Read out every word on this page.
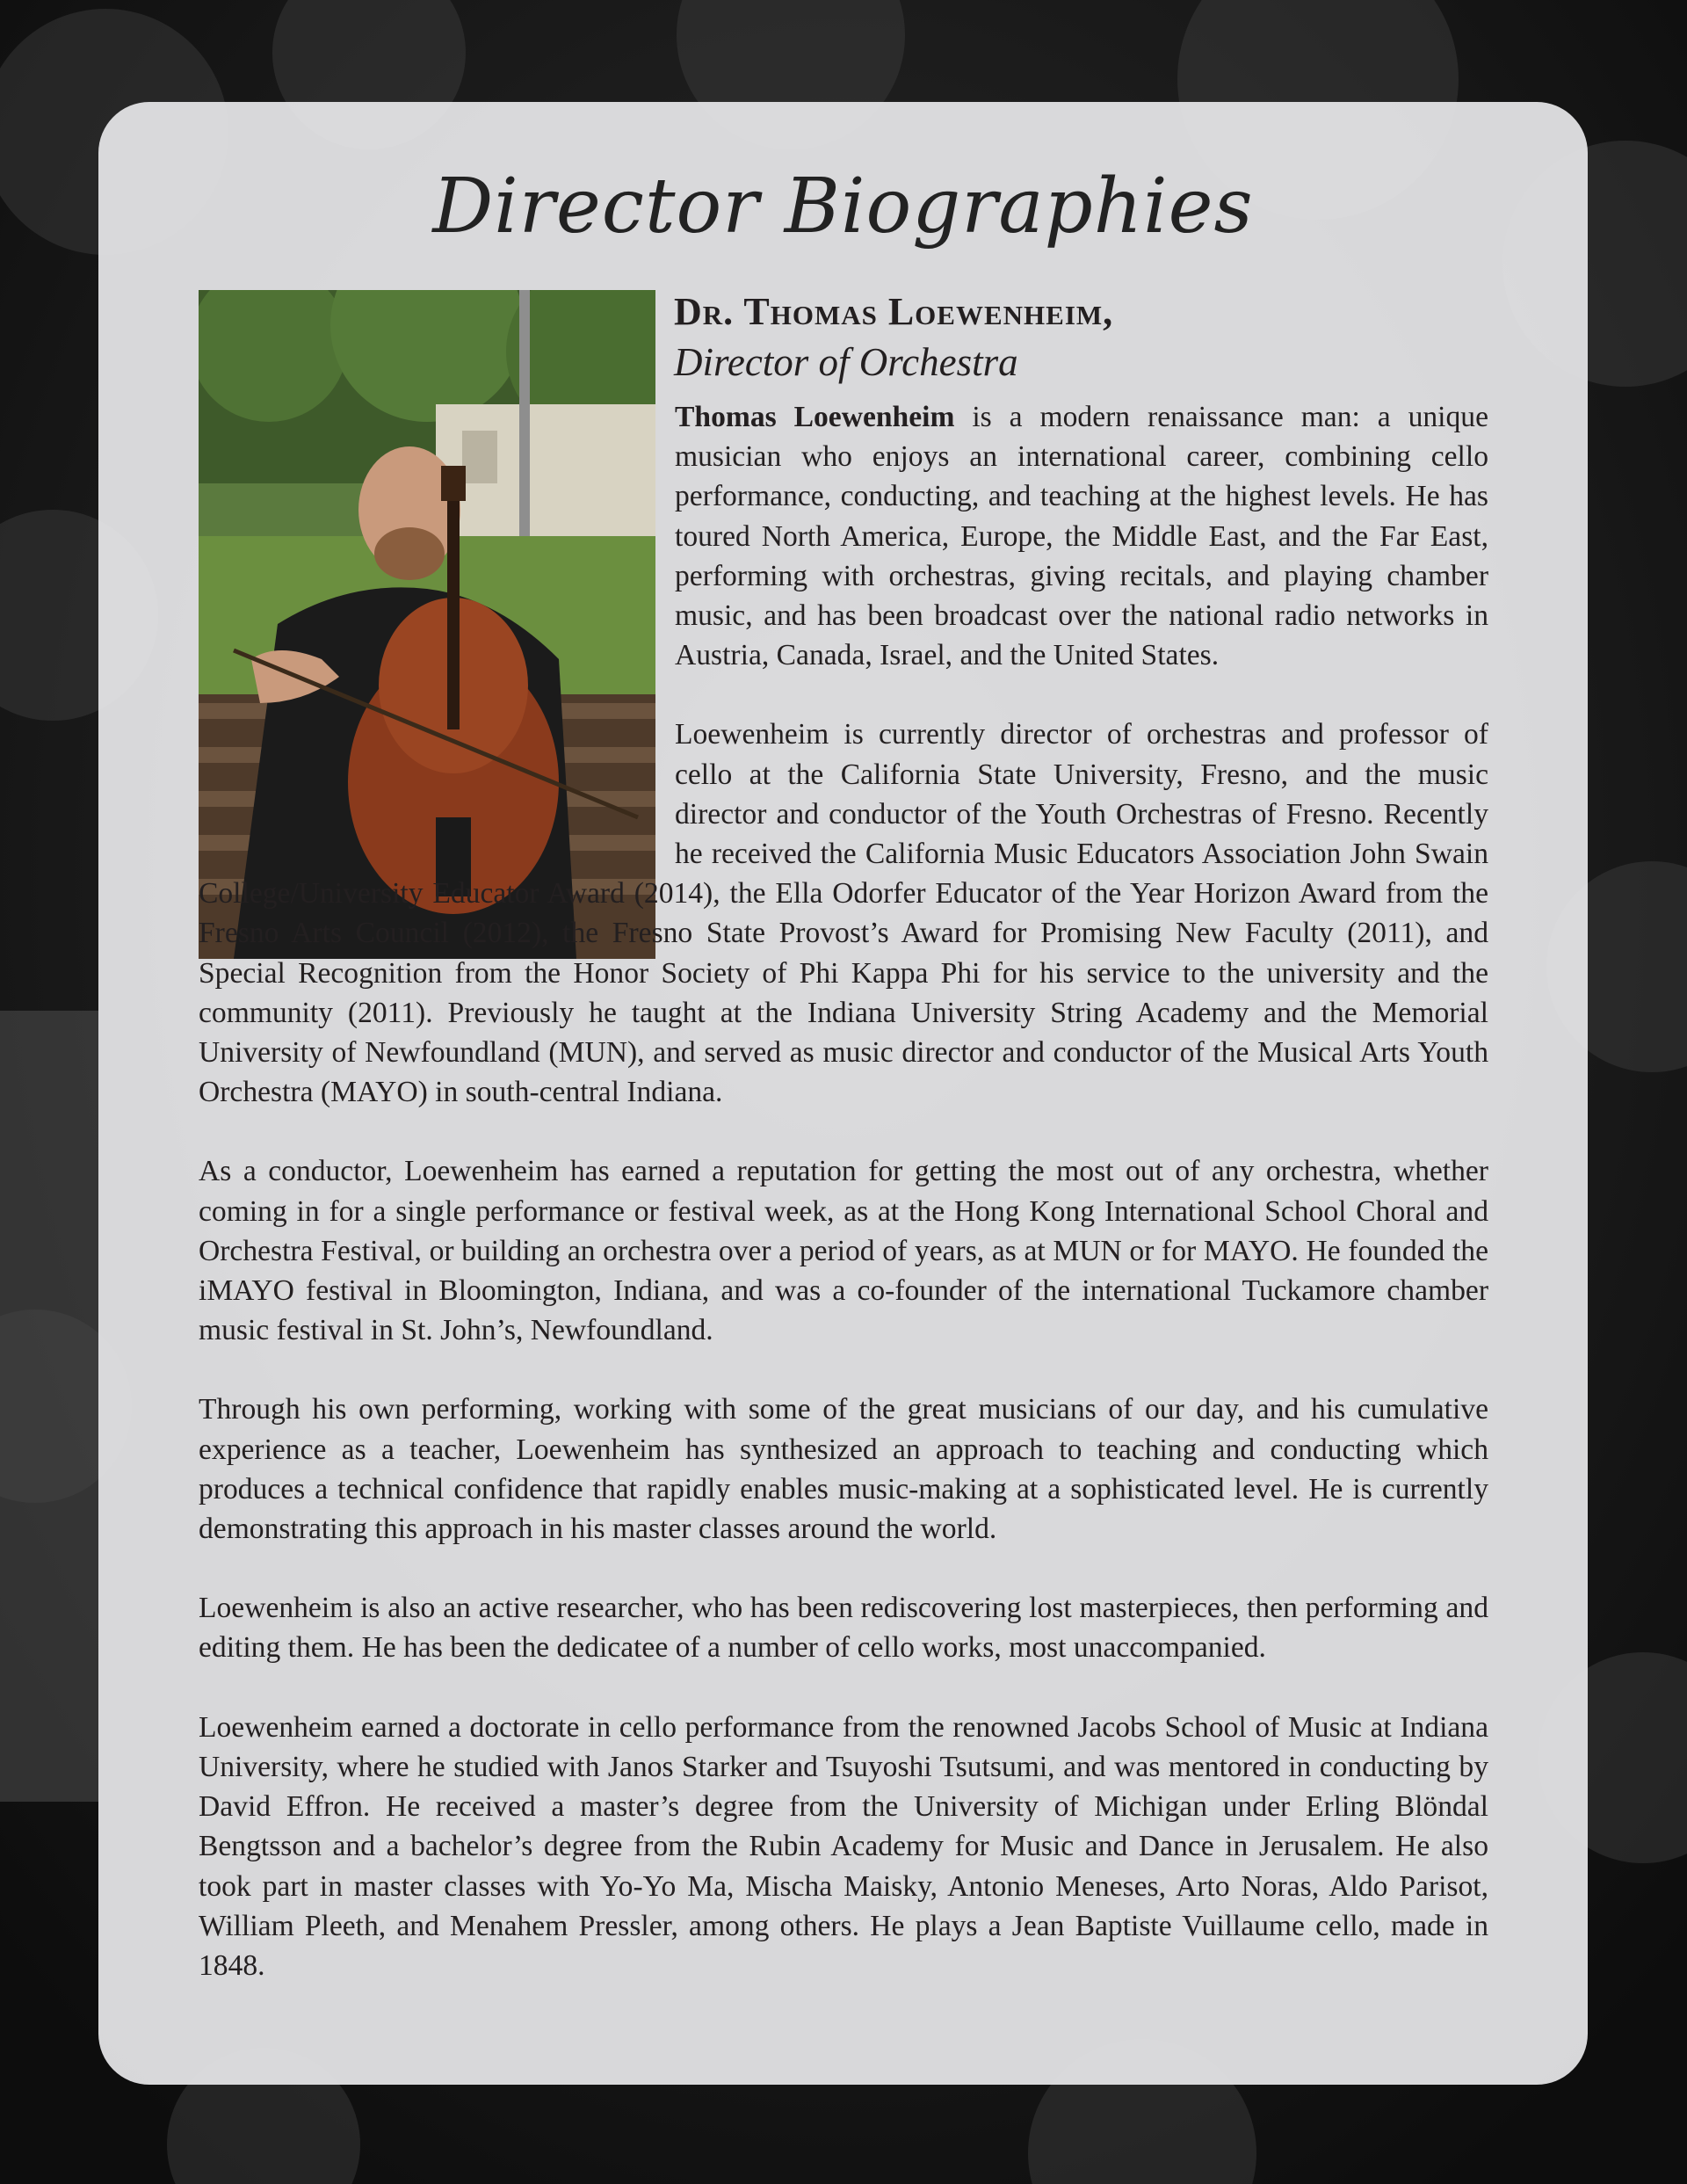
Director Biographies
Dr. Thomas Loewenheim,
Director of Orchestra

Thomas Loewenheim is a modern renaissance man: a unique musician who enjoys an international career, combining cello performance, conducting, and teaching at the highest levels. He has toured North America, Europe, the Middle East, and the Far East, performing with orchestras, giving recitals, and playing chamber music, and has been broadcast over the national radio networks in Austria, Canada, Israel, and the United States.

Loewenheim is currently director of orchestras and professor of cello at the California State University, Fresno, and the music director and conductor of the Youth Orchestras of Fresno. Recently he received the California Music Educators Association John Swain College/University Educator Award (2014), the Ella Odorfer Educator of the Year Horizon Award from the Fresno Arts Council (2012), the Fresno State Provost’s Award for Promising New Faculty (2011), and Special Recognition from the Honor Society of Phi Kappa Phi for his service to the university and the community (2011). Previously he taught at the Indiana University String Academy and the Memorial University of Newfoundland (MUN), and served as music director and conductor of the Musical Arts Youth Orchestra (MAYO) in south-central Indiana.

As a conductor, Loewenheim has earned a reputation for getting the most out of any orchestra, whether coming in for a single performance or festival week, as at the Hong Kong International School Choral and Orchestra Festival, or building an orchestra over a period of years, as at MUN or for MAYO. He founded the iMAYO festival in Bloomington, Indiana, and was a co-founder of the international Tuckamore chamber music festival in St. John’s, Newfoundland.

Through his own performing, working with some of the great musicians of our day, and his cumulative experience as a teacher, Loewenheim has synthesized an approach to teaching and conducting which produces a technical confidence that rapidly enables music-making at a sophisticated level. He is currently demonstrating this approach in his master classes around the world.

Loewenheim is also an active researcher, who has been rediscovering lost masterpieces, then performing and editing them. He has been the dedicatee of a number of cello works, most unaccompanied.

Loewenheim earned a doctorate in cello performance from the renowned Jacobs School of Music at Indiana University, where he studied with Janos Starker and Tsuyoshi Tsutsumi, and was mentored in conducting by David Effron. He received a master’s degree from the University of Michigan under Erling Blöndal Bengtsson and a bachelor’s degree from the Rubin Academy for Music and Dance in Jerusalem. He also took part in master classes with Yo-Yo Ma, Mischa Maisky, Antonio Meneses, Arto Noras, Aldo Parisot, William Pleeth, and Menahem Pressler, among others. He plays a Jean Baptiste Vuillaume cello, made in 1848.
